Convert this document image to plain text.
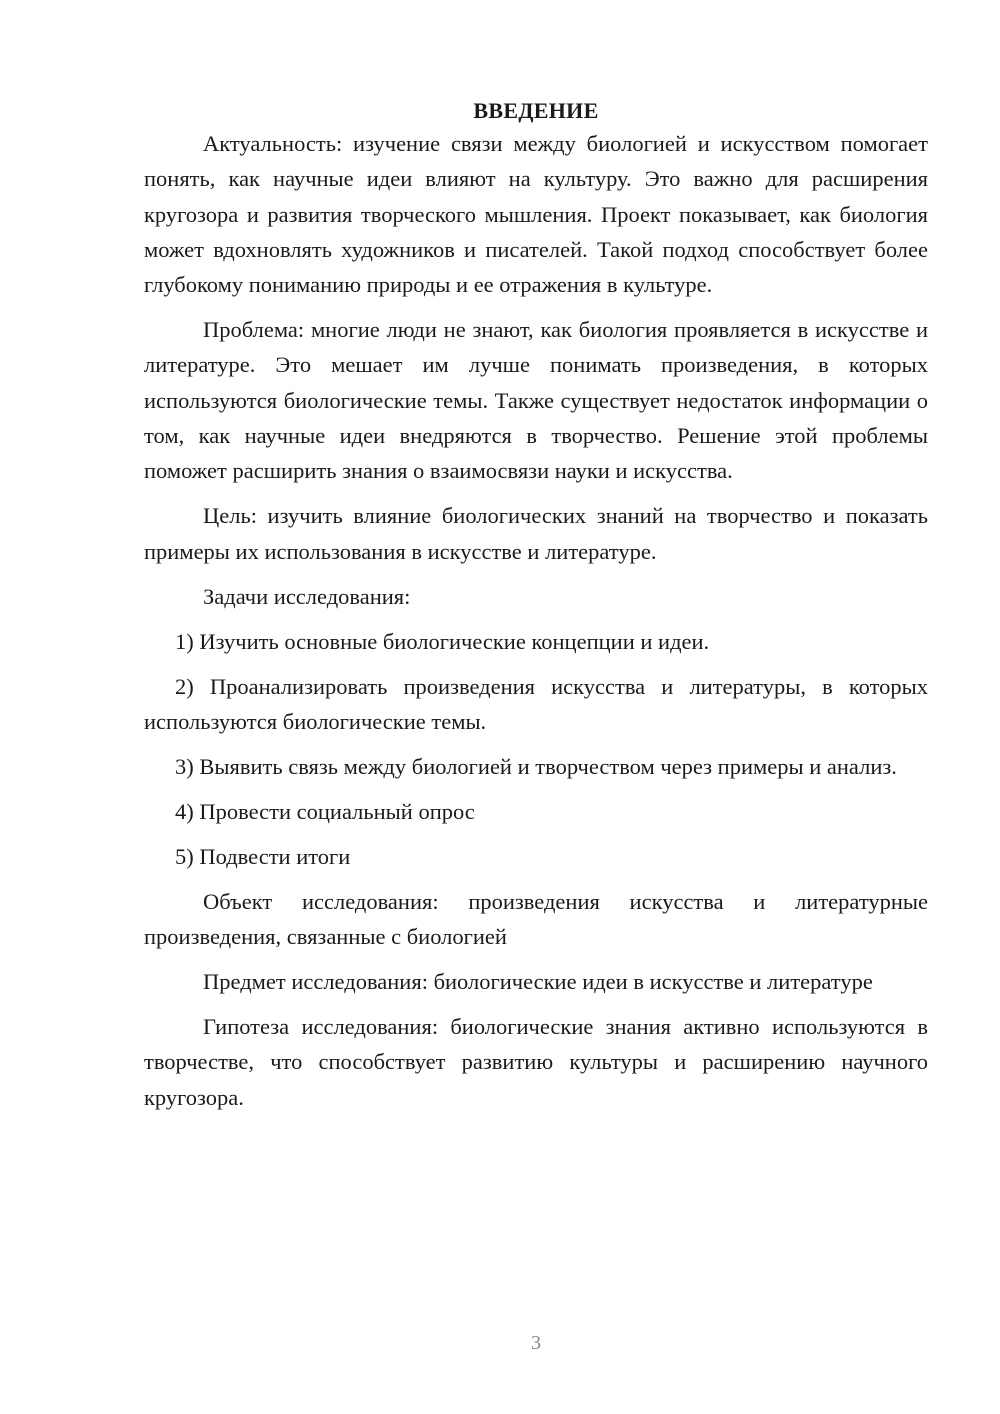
ВВЕДЕНИЕ

Актуальность: изучение связи между биологией и искусством помогает понять, как научные идеи влияют на культуру. Это важно для расширения кругозора и развития творческого мышления. Проект показывает, как биология может вдохновлять художников и писателей. Такой подход способствует более глубокому пониманию природы и ее отражения в культуре.

Проблема: многие люди не знают, как биология проявляется в искусстве и литературе. Это мешает им лучше понимать произведения, в которых используются биологические темы. Также существует недостаток информации о том, как научные идеи внедряются в творчество. Решение этой проблемы поможет расширить знания о взаимосвязи науки и искусства.

Цель: изучить влияние биологических знаний на творчество и показать примеры их использования в искусстве и литературе.

Задачи исследования:

1) Изучить основные биологические концепции и идеи.

2) Проанализировать произведения искусства и литературы, в которых используются биологические темы.

3) Выявить связь между биологией и творчеством через примеры и анализ.

4) Провести социальный опрос

5) Подвести итоги

Объект исследования: произведения искусства и литературные произведения, связанные с биологией

Предмет исследования: биологические идеи в искусстве и литературе

Гипотеза исследования: биологические знания активно используются в творчестве, что способствует развитию культуры и расширению научного кругозора.

3
